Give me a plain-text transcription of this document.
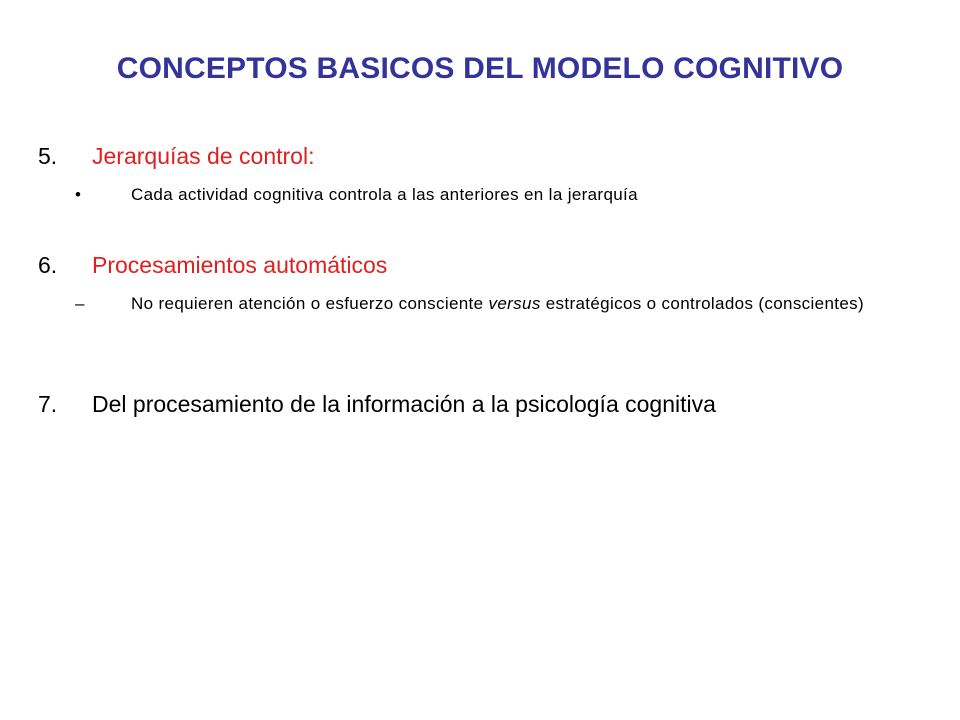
CONCEPTOS BASICOS DEL MODELO COGNITIVO
5.	Jerarquías de control:
•	Cada actividad cognitiva controla a las anteriores en la jerarquía
6.	Procesamientos automáticos
–	No requieren atención o esfuerzo consciente versus estratégicos o controlados (conscientes)
7.	Del procesamiento de la información a la psicología cognitiva
